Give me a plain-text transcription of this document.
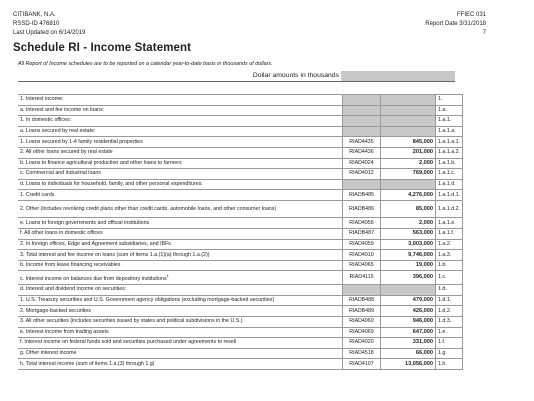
CITIBANK, N.A.
RSSD-ID 476810
Last Updated on 6/14/2019
FFIEC 031
Report Date 3/31/2018
7
Schedule RI - Income Statement
All Report of Income schedules are to be reported on a calendar year-to-date basis in thousands of dollars.
Dollar amounts in thousands
1. Interest income:			1.
a. Interest and fee income on loans:			1.a.
1. In domestic offices:			1.a.1.
a. Loans secured by real estate:			1.a.1.a.
1. Loans secured by 1-4 family residential properties	RIAD4435	845,000	1.a.1.a.1.
2. All other loans secured by real estate	RIAD4436	201,000	1.a.1.a.2.
b. Loans to finance agricultural production and other loans to farmers	RIAD4024	2,000	1.a.1.b.
c. Commercial and industrial loans	RIAD4012	769,000	1.a.1.c.
d. Loans to individuals for household, family, and other personal expenditures:			1.a.1.d.
1. Credit cards	RIADB485	4,276,000	1.a.1.d.1.

2. Other (includes revolving credit plans other than credit cards, automobile loans, and other consumer loans)	RIADB486	85,000	1.a.1.d.2.
e. Loans to foreign governments and official institutions	RIAD4056	2,000	1.a.1.e.
f. All other loans in domestic offices	RIADB487	563,000	1.a.1.f.
2. In foreign offices, Edge and Agreement subsidiaries, and IBFs	RIAD4059	3,003,000	1.a.2.
3. Total interest and fee income on loans (sum of items 1.a.(1)(a) through 1.a.(2))	RIAD4010	9,746,000	1.a.3.
b. Income from lease financing receivables	RIAD4065	19,000	1.b.
c. Interest income on balances due from depository institutions$^1$	RIAD4115	396,000	1.c.
d. Interest and dividend income on securities:			1.d.
1. U.S. Treasury securities and U.S. Government agency obligations (excluding mortgage-backed securities)	RIADB488	479,000	1.d.1.
2. Mortgage-backed securities	RIADB489	426,000	1.d.2.
3. All other securities (includes securities issued by states and political subdivisions in the U.S.)	RIAD4060	946,000	1.d.3.
e. Interest income from trading assets	RIAD4069	647,000	1.e.
f. Interest income on federal funds sold and securities purchased under agreements to resell	RIAD4020	331,000	1.f.
g. Other interest income	RIAD4518	66,000	1.g.
h. Total interest income (sum of items 1.a.(3) through 1.g)	RIAD4107	13,056,000	1.h.
